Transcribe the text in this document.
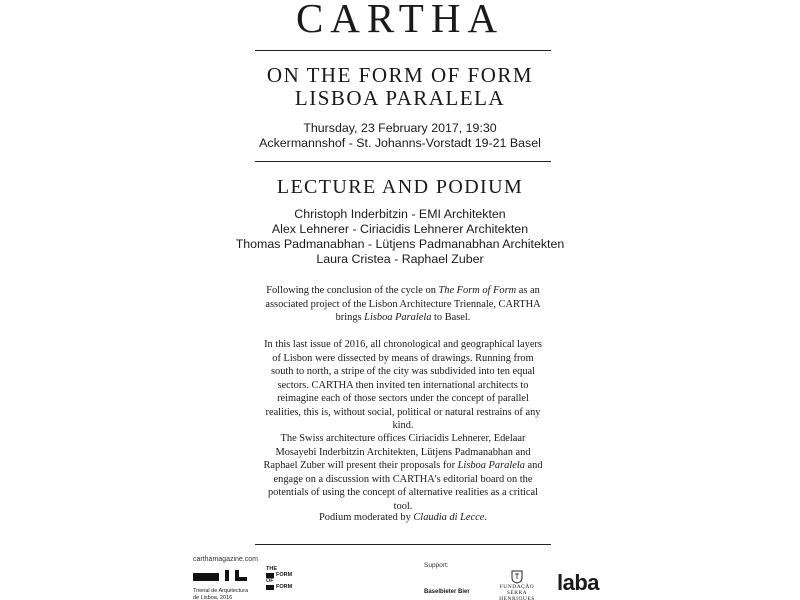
CARTHA
ON THE FORM OF FORM
LISBOA PARALELA
Thursday, 23 February 2017, 19:30
Ackermannshof - St. Johanns-Vorstadt 19-21 Basel
LECTURE AND PODIUM
Christoph Inderbitzin - EMI Architekten
Alex Lehnerer - Ciriacidis Lehnerer Architekten
Thomas Padmanabhan - Lütjens Padmanabhan Architekten
Laura Cristea - Raphael Zuber

Following the conclusion of the cycle on The Form of Form as an associated project of the Lisbon Architecture Triennale, CARTHA brings Lisboa Paralela to Basel.

In this last issue of 2016, all chronological and geographical layers of Lisbon were dissected by means of drawings. Running from south to north, a stripe of the city was subdivided into ten equal sectors. CARTHA then invited ten international architects to reimagine each of those sectors under the concept of parallel realities, this is, without social, political or natural restrains of any kind.

The Swiss architecture offices Ciriacidis Lehnerer, Edelaar Mosayebi Inderbitzin Architekten, Lütjens Padmanabhan and Raphael Zuber will present their proposals for Lisboa Paralela and engage on a discussion with CARTHA's editorial board on the potentials of using the concept of alternative realities as a critical tool.

Podium moderated by Claudia di Lecce.

carthamagazine.com
Trienal de Arquitectura
de Lisboa, 2016
THE
FORM
OF
FORM
Support:
Baselbieter Bier
FUNDAÇÃO
SERRA HENRIQUES
laba
